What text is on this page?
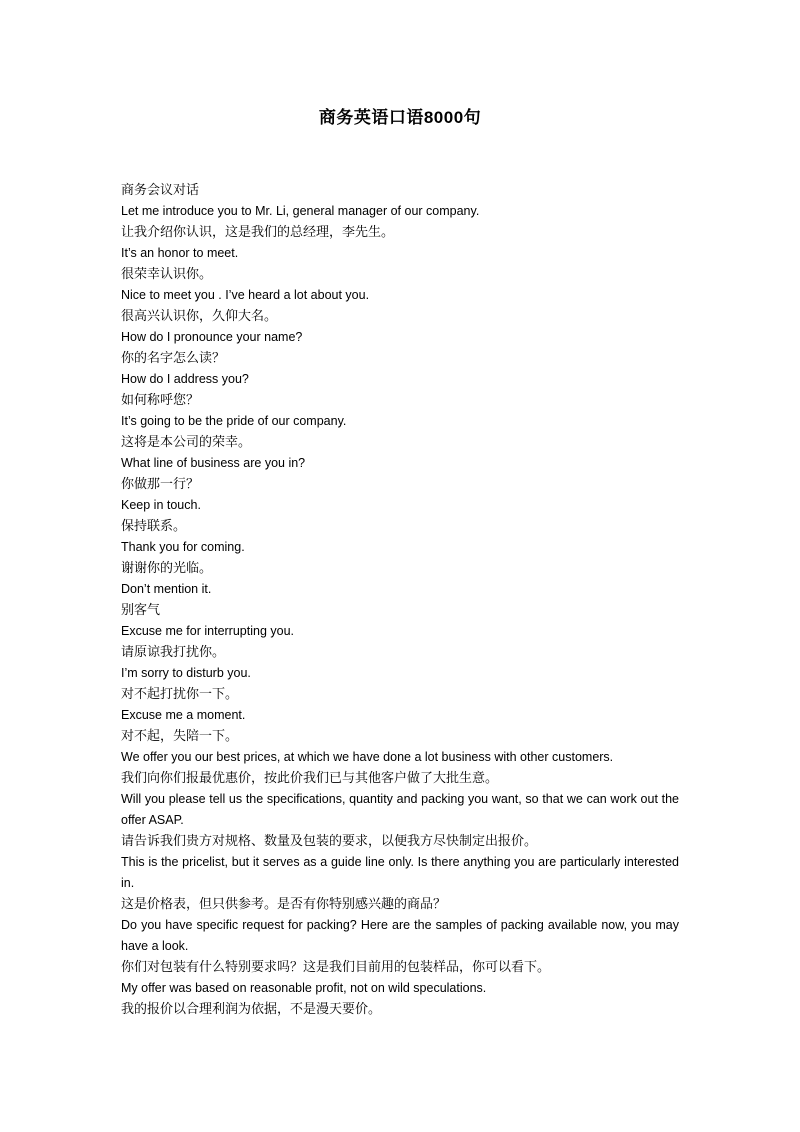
商务英语口语8000句
商务会议对话
Let me introduce you to Mr. Li, general manager of our company.
让我介绍你认识，这是我们的总经理，李先生。
It’s an honor to meet.
很荣幸认识你。
Nice to meet you . I’ve heard a lot about you.
很高兴认识你，久仰大名。
How do I pronounce your name?
你的名字怎么读？
How do I address you?
如何称呼您？
It’s going to be the pride of our company.
这将是本公司的荣幸。
What line of business are you in?
你做那一行？
Keep in touch.
保持联系。
Thank you for coming.
谢谢你的光临。
Don’t mention it.
别客气
Excuse me for interrupting you.
请原谅我打扰你。
I’m sorry to disturb you.
对不起打扰你一下。
Excuse me a moment.
对不起，失陪一下。
We offer you our best prices, at which we have done a lot business with other customers.
我们向你们报最优惠价，按此价我们已与其他客户做了大批生意。
Will you please tell us the specifications, quantity and packing you want, so that we can work out the offer ASAP.
请告诉我们贵方对规格、数量及包装的要求，以便我方尽快制定出报价。
This is the pricelist, but it serves as a guide line only. Is there anything you are particularly interested in.
这是价格表，但只供参考。是否有你特别感兴趣的商品？
Do you have specific request for packing? Here are the samples of packing available now, you may have a look.
你们对包装有什么特别要求吗？这是我们目前用的包装样品，你可以看下。
My offer was based on reasonable profit, not on wild speculations.
我的报价以合理利润为依据，不是漫天要价。
